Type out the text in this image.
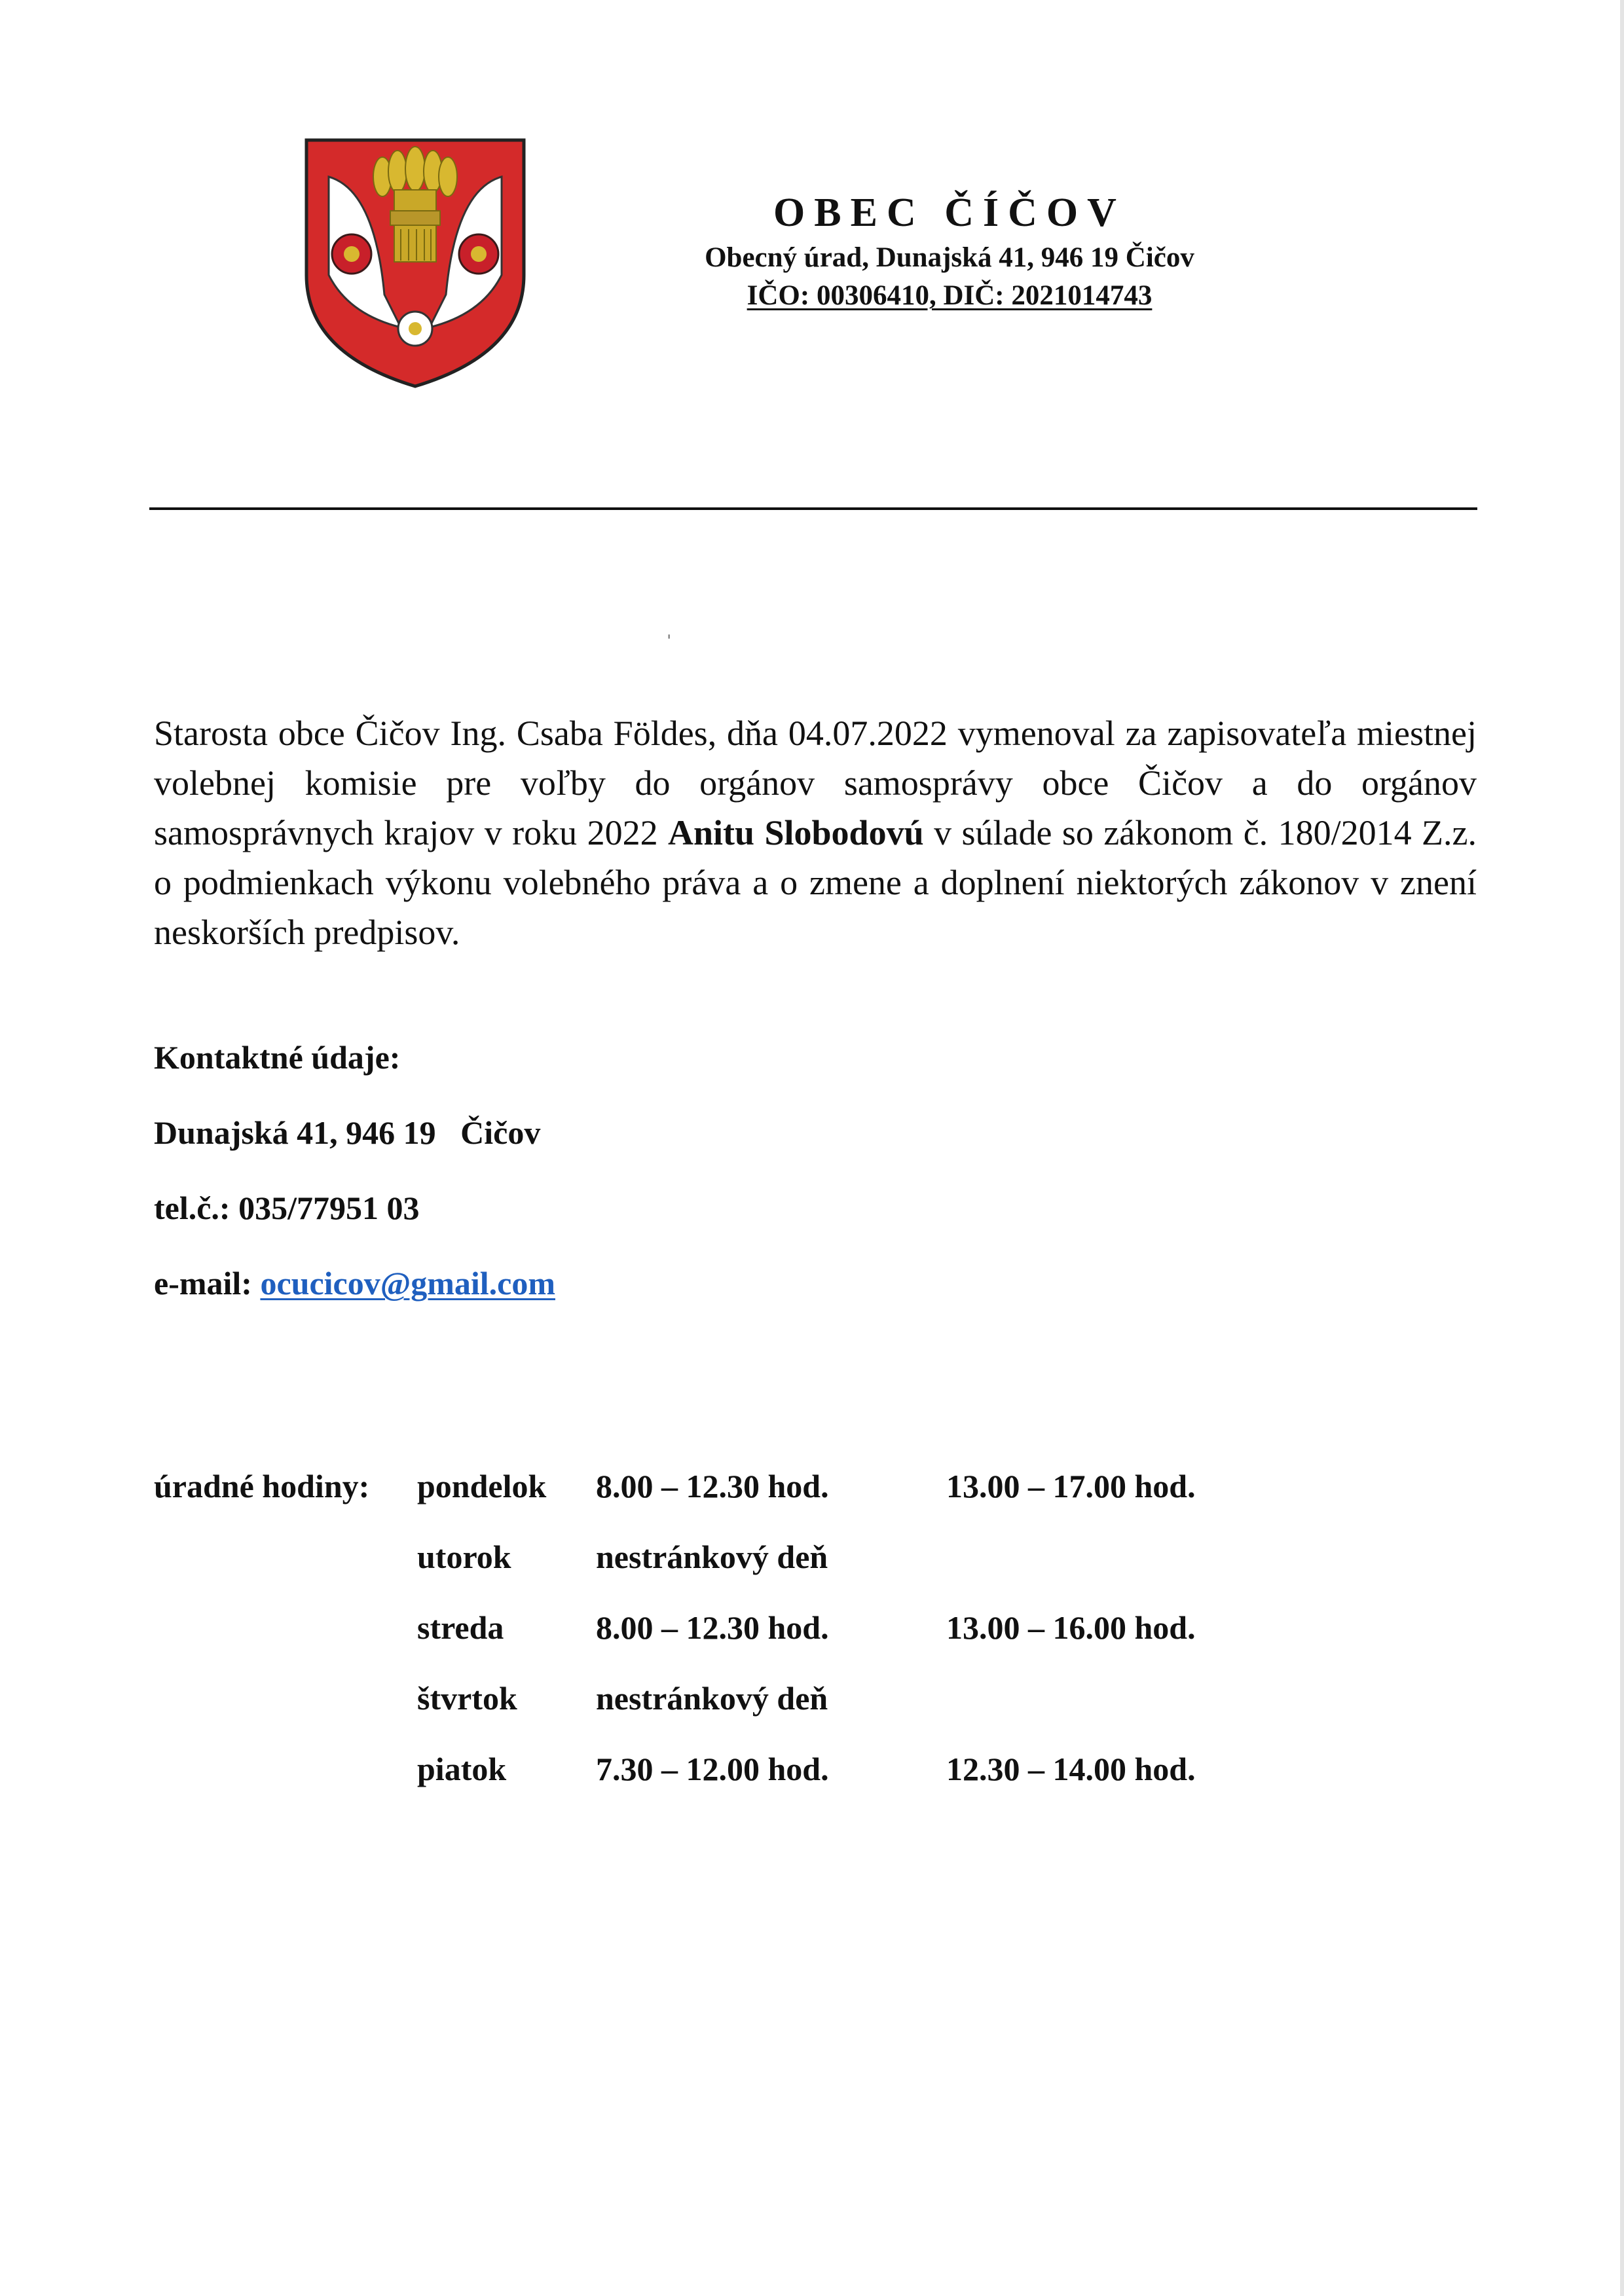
OBEC ČÍČOV
Obecný úrad, Dunajská 41, 946 19 Čičov
IČO: 00306410, DIČ: 2021014743
ˌ
Starosta obce Čičov Ing. Csaba Földes, dňa 04.07.2022 vymenoval za zapisovateľa miestnej volebnej komisie pre voľby do orgánov samosprávy obce Čičov a do orgánov samosprávnych krajov v roku 2022 Anitu Slobodovú v súlade so zákonom č. 180/2014 Z.z. o podmienkach výkonu volebného práva a o zmene a doplnení niektorých zákonov v znení neskorších predpisov.
Kontaktné údaje:
Dunajská 41, 946 19   Čičov
tel.č.: 035/77951 03
e-mail: ocucicov@gmail.com
úradné hodiny: pondelok 8.00 – 12.30 hod.	13.00 – 17.00 hod.
utorok	nestránkový deň
streda	8.00 – 12.30 hod.	13.00 – 16.00 hod.
štvrtok nestránkový deň
piatok	7.30 – 12.00 hod.	12.30 – 14.00 hod.
